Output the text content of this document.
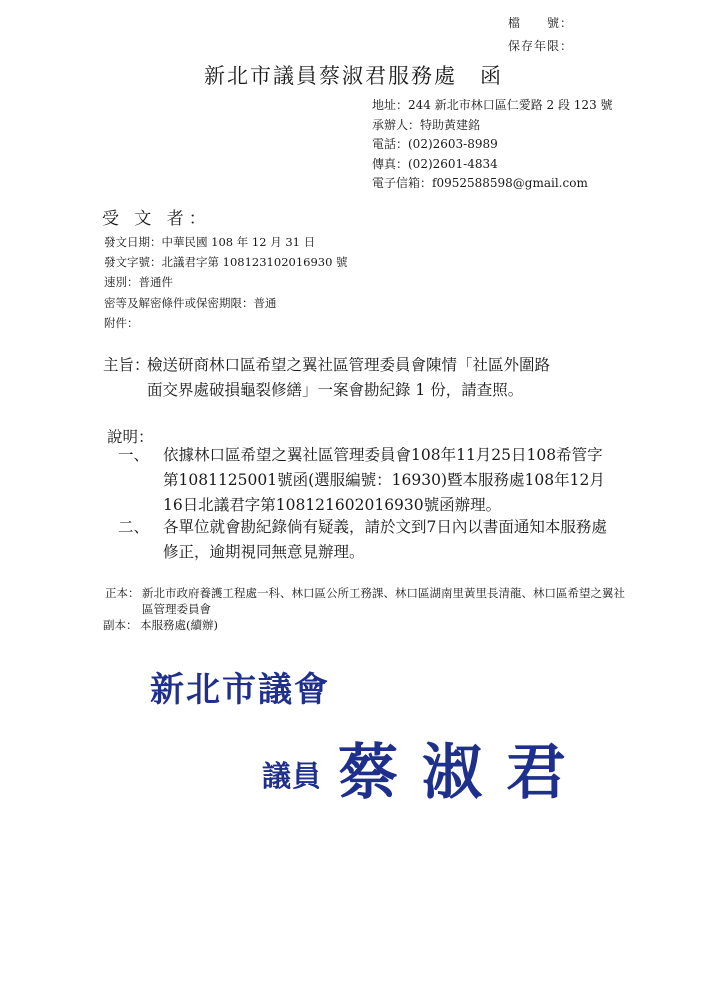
檔　　號：
保存年限：
新北市議員蔡淑君服務處　函
地址：244 新北市林口區仁愛路 2 段 123 號
承辦人：特助黃建銘
電話：(02)2603-8989
傳真：(02)2601-4834
電子信箱：f0952588598@gmail.com
受 文 者：
發文日期：中華民國 108 年 12 月 31 日
發文字號：北議君字第 108123102016930 號
速別：普通件
密等及解密條件或保密期限：普通
附件：
主旨：
檢送研商林口區希望之翼社區管理委員會陳情「社區外圍路面交界處破損龜裂修繕」一案會勘紀錄 1 份，請查照。
說明：
一、 依據林口區希望之翼社區管理委員會108年11月25日108希管字第1081125001號函(選服編號：16930)暨本服務處108年12月16日北議君字第108121602016930號函辦理。
二、 各單位就會勘紀錄倘有疑義，請於文到7日內以書面通知本服務處修正，逾期視同無意見辦理。
正本： 新北市政府養護工程處一科、林口區公所工務課、林口區湖南里黃里長清龍、林口區希望之翼社區管理委員會
副本： 本服務處(續辦)
新北市議會
議員 蔡淑君
